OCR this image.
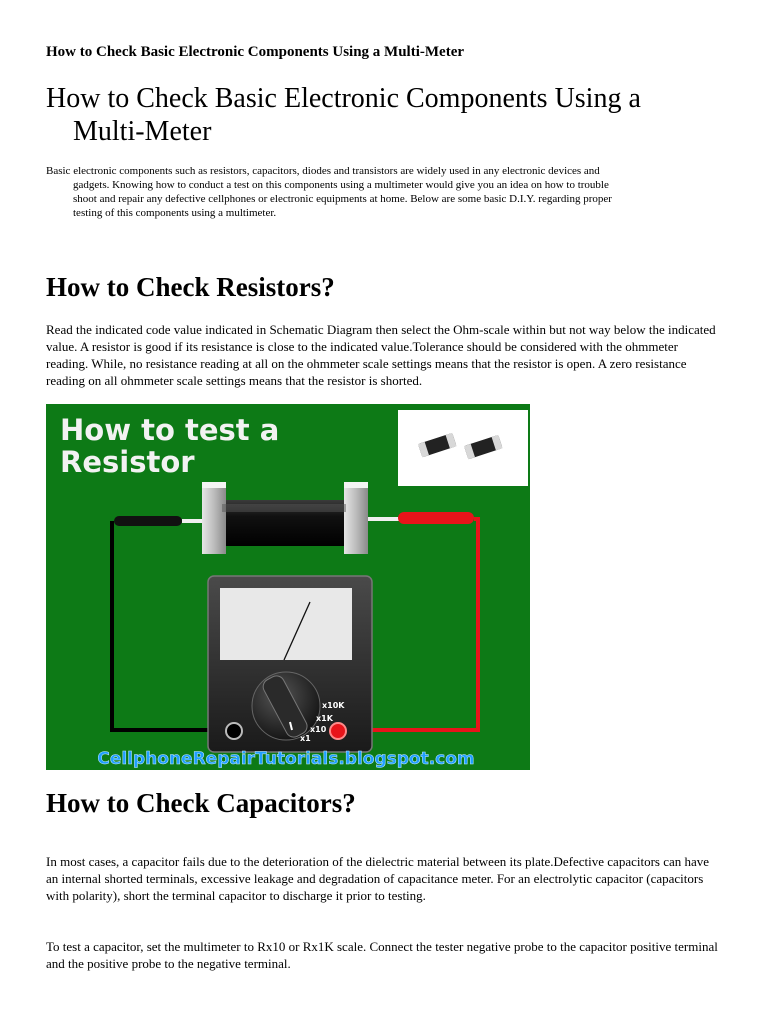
How to Check Basic Electronic Components Using a Multi-Meter
How to Check Basic Electronic Components Using a
Multi-Meter
Basic electronic components such as resistors, capacitors, diodes and transistors are widely used in any electronic devices and
gadgets. Knowing how to conduct a test on this components using a multimeter would give you an idea on how to trouble
shoot and repair any defective cellphones or electronic equipments at home. Below are some basic D.I.Y. regarding proper
testing of this components using a multimeter.
How to Check Resistors?

Read the indicated code value indicated in Schematic Diagram then select the Ohm-scale within but not way below the indicated value. A resistor is good if its resistance is close to the indicated value.Tolerance should be considered with the ohmmeter reading. While, no resistance reading at all on the ohmmeter scale settings means that the resistor is open. A zero resistance reading on all ohmmeter scale settings means that the resistor is shorted.

How to test a
Resistor
x10K
x1K
x10
x1
CellphoneRepairTutorials.blogspot.com
How to Check Capacitors?

In most cases, a capacitor fails due to the deterioration of the dielectric material between its plate.Defective capacitors can have an internal shorted terminals, excessive leakage and degradation of capacitance meter. For an electrolytic capacitor (capacitors with polarity), short the terminal capacitor to discharge it prior to testing.

To test a capacitor, set the multimeter to Rx10 or Rx1K scale. Connect the tester negative probe to the capacitor positive terminal and the positive probe to the negative terminal.
